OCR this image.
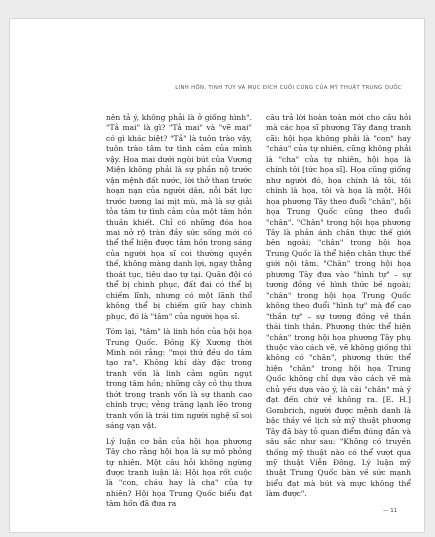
LINH HỒN, TINH TÚY VÀ MỤC ĐÍCH CUỐI CÙNG CỦA MỸ THUẬT TRUNG QUỐC

nên tả ý, không phải là ở giống hình". "Tả mai" là gì? "Tả mai" và "vẽ mai" có gì khác biệt? "Tả" là tuôn trào vậy, tuôn trào tâm tư tình cảm của mình vậy. Hoa mai dưới ngòi bút của Vương Miện không phải là sự phần nộ trước vận mệnh đất nước, lời thở than trước hoạn nạn của người dân, nỗi bất lực trước tương lai mịt mù, mà là sự giải tỏa tâm tư tình cảm của một tâm hồn thuần khiết. Chỉ có những đóa hoa mai nở rộ tràn đầy sức sống mới có thể thể hiện được tâm hồn trong sáng của người họa sĩ coi thường quyền thế, không màng danh lợi, ngay thẳng thoát tục, tiêu dao tự tại. Quân đội có thể bị chinh phục, đất đai có thể bị chiếm lĩnh, nhưng có một lãnh thổ không thể bị chiếm giữ hay chinh phục, đó là "tâm" của người họa sĩ.

Tóm lại, "tâm" là linh hồn của hội họa Trung Quốc. Đồng Kỳ Xương thời Minh nói rằng: "mọi thứ đều do tâm tạo ra". Không khí dày đặc trong tranh vốn là linh cảm ngũn ngụt trong tâm hồn; những cây cỏ thụ thưa thớt trong tranh vốn là sự thanh cao chính trực; vẻng trăng lạnh lẽo trong tranh vốn là trái tim người nghệ sĩ soi sáng vạn vật.

Lý luận cơ bản của hội họa phương Tây cho rằng hội họa là sự mô phỏng tự nhiên. Một câu hỏi không ngừng được tranh luận là: Hội họa rốt cuộc là "con, cháu hay là cha" của tự nhiên? Hội họa Trung Quốc biểu đạt tâm hồn đã đưa ra

câu trả lời hoàn toàn mới cho câu hỏi mà các họa sĩ phương Tây đang tranh cãi: hội họa không phải là "con" hay "cháu" của tự nhiên, cũng không phải là "cha" của tự nhiên, hội họa là chính tôi [tức họa sĩ]. Họa cũng giống như người đó, họa chính là tôi, tôi chính là họa, tôi và họa là một. Hội họa phương Tây theo đuổi "chân", hội họa Trung Quốc cũng theo đuổi "chân". "Chân" trong hội họa phương Tây là phản ánh chân thực thế giới bên ngoài; "chân" trong hội họa Trung Quốc là thể hiện chân thực thế giới nội tâm. "Chân" trong hội họa phương Tây đưa vào "hình tự" – sự tương đồng về hình thức bề ngoài; "chân" trong hội họa Trung Quốc không theo đuổi "hình tự" mà để cao "thần tự" – sự tương đồng về thần thái tinh thần. Phương thức thể hiện "chân" trong hội họa phương Tây phụ thuộc vào cách vẽ, vẽ không giống thì không có "chân", phương thức thể hiện "chân" trong hội họa Trung Quốc không chỉ dựa vào cách vẽ mà chủ yếu dựa vào ý, là cái "chân" mà ý đạt đến chứ về không ra. [E. H.] Gombrich, người được mệnh danh là bậc thầy về lịch sử mỹ thuật phương Tây đã bày tỏ quan điểm đúng đắn và sâu sắc như sau: "Không có truyền thống mỹ thuật nào có thể vượt qua mỹ thuật Viễn Đông. Lý luận mỹ thuật Trung Quốc bàn về sức mạnh biểu đạt mà bút và mực không thể làm được".

— 11
